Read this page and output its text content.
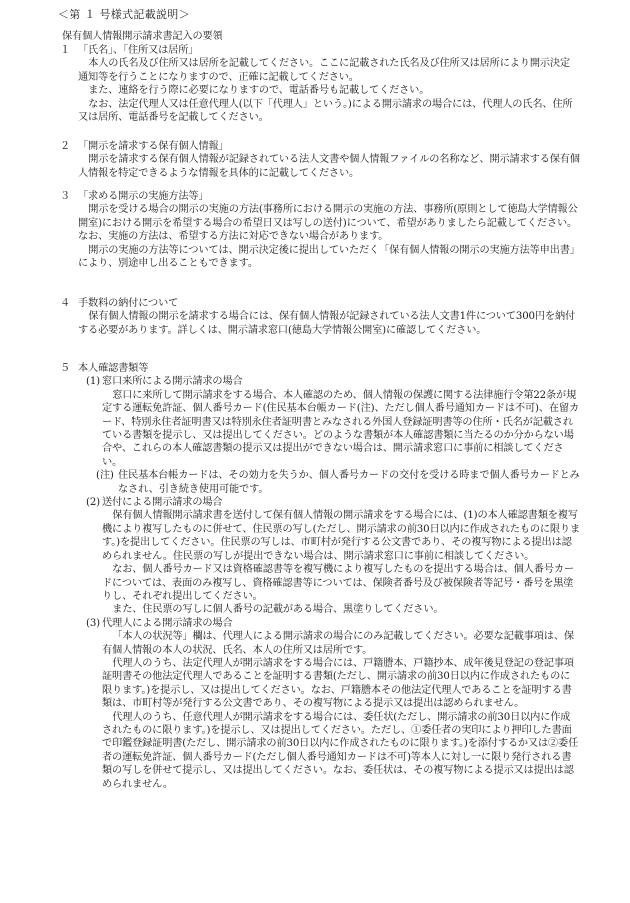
＜第 １ 号様式記載説明＞
保有個人情報開示請求書記入の要領
１ 「氏名」、「住所又は居所」
本人の氏名及び住所又は居所を記載してください。ここに記載された氏名及び住所又は居所により開示決定通知等を行うことになりますので、正確に記載してください。
また、連絡を行う際に必要になりますので、電話番号も記載してください。
なお、法定代理人又は任意代理人(以下「代理人」という。)による開示請求の場合には、代理人の氏名、住所又は居所、電話番号を記載してください。
２ 「開示を請求する保有個人情報」
開示を請求する保有個人情報が記録されている法人文書や個人情報ファイルの名称など、開示請求する保有個人情報を特定できるような情報を具体的に記載してください。
３ 「求める開示の実施方法等」
開示を受ける場合の開示の実施の方法(事務所における開示の実施の方法、事務所(原則として徳島大学情報公開室)における開示を希望する場合の希望日又は写しの送付)について、希望がありましたら記載してください。なお、実施の方法は、希望する方法に対応できない場合があります。
開示の実施の方法等については、開示決定後に提出していただく「保有個人情報の開示の実施方法等申出書」により、別途申し出ることもできます。
４ 手数料の納付について
保有個人情報の開示を請求する場合には、保有個人情報が記録されている法人文書1件について300円を納付する必要があります。詳しくは、開示請求窓口(徳島大学情報公開室)に確認してください。
５ 本人確認書類等
(1) 窓口来所による開示請求の場合
窓口に来所して開示請求をする場合、本人確認のため、個人情報の保護に関する法律施行令第22条が規定する運転免許証、個人番号カード(住民基本台帳カード(注)、ただし個人番号通知カードは不可)、在留カード、特別永住者証明書又は特別永住者証明書とみなされる外国人登録証明書等の住所・氏名が記載されている書類を提示し、又は提出してください。どのような書類が本人確認書類に当たるのか分からない場合や、これらの本人確認書類の提示又は提出ができない場合は、開示請求窓口に事前に相談してください。
(注) 住民基本台帳カードは、その効力を失うか、個人番号カードの交付を受ける時まで個人番号カードとみなされ、引き続き使用可能です。
(2) 送付による開示請求の場合
保有個人情報開示請求書を送付して保有個人情報の開示請求をする場合には、(1)の本人確認書類を複写機により複写したものに併せて、住民票の写し(ただし、開示請求の前30日以内に作成されたものに限ります。)を提出してください。住民票の写しは、市町村が発行する公文書であり、その複写物による提出は認められません。住民票の写しが提出できない場合は、開示請求窓口に事前に相談してください。
なお、個人番号カード又は資格確認書等を複写機により複写したものを提出する場合は、個人番号カードについては、表面のみ複写し、資格確認書等については、保険者番号及び被保険者等記号・番号を黒塗りし、それぞれ提出してください。
また、住民票の写しに個人番号の記載がある場合、黒塗りしてください。
(3) 代理人による開示請求の場合
「本人の状況等」欄は、代理人による開示請求の場合にのみ記載してください。必要な記載事項は、保有個人情報の本人の状況、氏名、本人の住所又は居所です。
代理人のうち、法定代理人が開示請求をする場合には、戸籍謄本、戸籍抄本、成年後見登記の登記事項証明書その他法定代理人であることを証明する書類(ただし、開示請求の前30日以内に作成されたものに限ります。)を提示し、又は提出してください。なお、戸籍謄本その他法定代理人であることを証明する書類は、市町村等が発行する公文書であり、その複写物による提示又は提出は認められません。
代理人のうち、任意代理人が開示請求をする場合には、委任状(ただし、開示請求の前30日以内に作成されたものに限ります。)を提示し、又は提出してください。ただし、①委任者の実印により押印した書面で印鑑登録証明書(ただし、開示請求の前30日以内に作成されたものに限ります。)を添付するか又は②委任者の運転免許証、個人番号カード(ただし個人番号通知カードは不可)等本人に対し一に限り発行される書類の写しを併せて提示し、又は提出してください。なお、委任状は、その複写物による提示又は提出は認められません。
